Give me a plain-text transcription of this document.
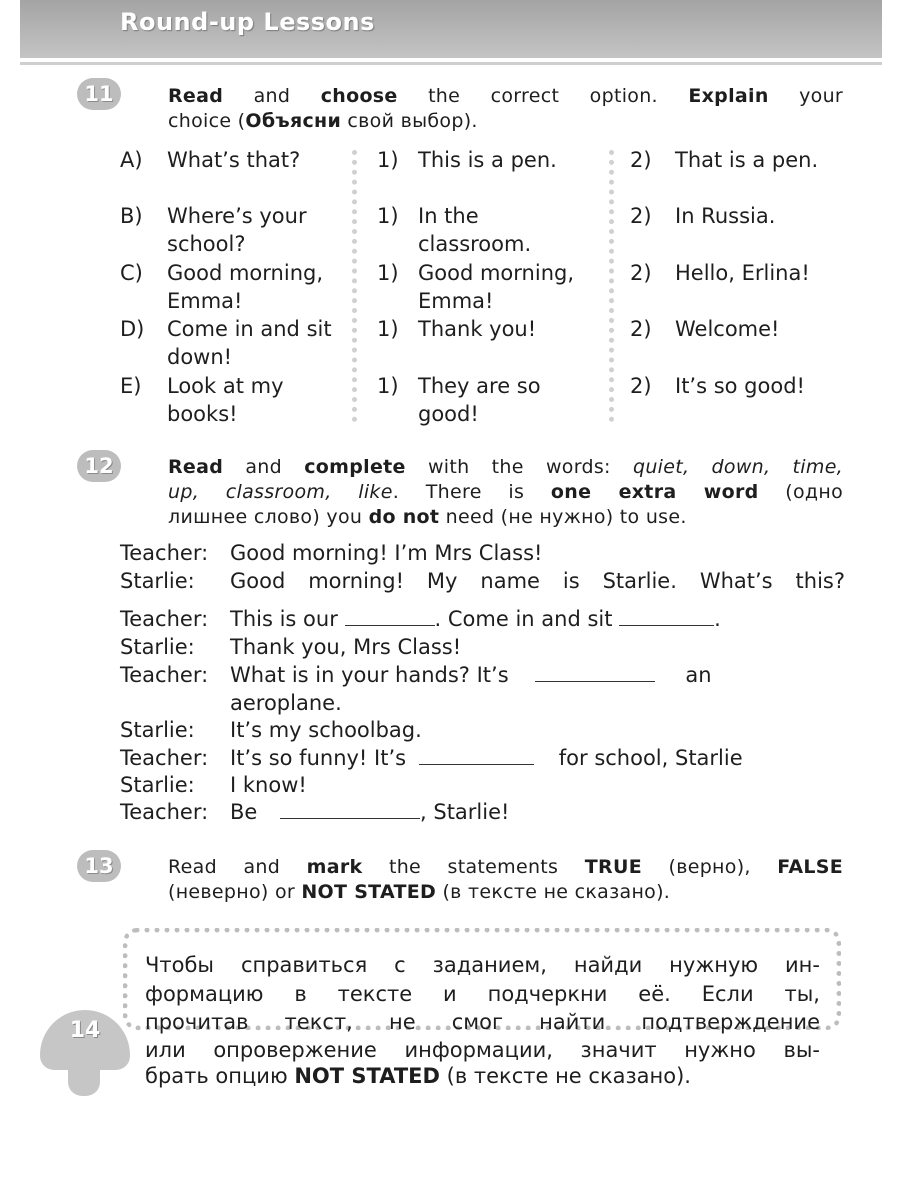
Round-up Lessons
11	Read and choose the correct option. Explain your
choice (Объясни свой выбор).
A) What’s that?	1) This is a pen.	2) That is a pen.
B) Where’s your school?
1) In the classroom.
2) In Russia.
C) Good morning, Emma!
1) Good morning, Emma!
2) Hello, Erlina!
D) Come in and sit down!
1) Thank you!	2) Welcome!
E) Look at my books!
1) They are so good!
2) It’s so good!
12	Read and complete with the words: quiet, down, time,
up, classroom, like. There is one extra word (одно
лишнее слово) you do not need (не нужно) to use.
Teacher: Good morning! I’m Mrs Class!
Starlie: Good morning! My name is Starlie. What’s this?
Teacher: This is our	. Come in and sit	.
Starlie: Thank you, Mrs Class!
Teacher: What is in your hands? It’s	an
aeroplane.
Starlie: It’s my schoolbag.
Teacher: It’s so funny! It’s	for school, Starlie
Starlie: I know!
Teacher: Be	, Starlie!
13	Read and mark the statements TRUE (верно), FALSE
(неверно) or NOT STATED (в тексте не сказано).
Чтобы справиться с заданием, найди нужную ин-
формацию в тексте и подчеркни её. Если ты,
прочитав текст, не смог найти подтверждение
или опровержение информации, значит нужно вы-
брать опцию NOT STATED (в тексте не сказано).
14
